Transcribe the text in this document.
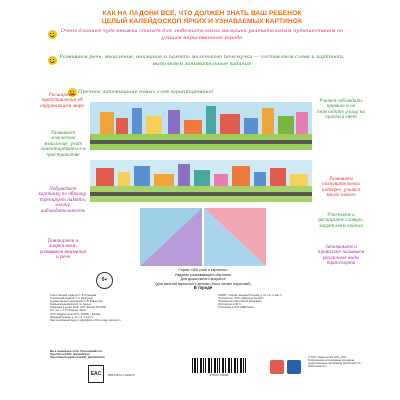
КАК НА ЛАДОНИ ВСЁ, ЧТО ДОЛЖЕН ЗНАТЬ ВАШ РЕБЁНОК
ЦЕЛЫЙ КАЛЕЙДОСКОП ЯРКИХ И УЗНАВАЕМЫХ КАРТИНОК
Очень длинная чудо-книжка станет для любознательных малышей увлекательным путешествием по улицам нарисованного города
Развиваем речь, мышление, внимание и память маленького почемучки — составляем слова и картинки, выполняем занимательные задания
Прочное запоминание новых слов гарантировано!
Расширяет представление об окружающем мире
Развивает логическое мышление, учит ориентироваться в пространстве
Побуждает картинку по образцу, тренирует память, логику, наблюдательность
Повторяем и закрепляем, развиваем внимание и речь
Учимся соблюдать правила и не переходить улицу на красный свет
Развиваем познавательный интерес, учимся много нового
Уточняем и расширяем словарь, закрепляем знания
Запоминаем и правильно называем различные виды транспорта
0+
Серия «365 слов и картинок»
Издание развивающего обучения
Для дошкольного возраста
(для занятий взрослых с детьми (текст читает взрослый)
В городе
Ответственный редактор О. В. Кузнецова
Технический редактор Т. Л. Кирпичная
Художественное оформление Л. В. Вайнштейн
Компьютерная вёрстка М. Е. Андрея
Подписано в печать 20.02. 2017. Формат 80х100/8
Усл. печ. л. 1,8 Тираж экз. Заказ
ООО «Издательство АСТ». 129085, г. Москва,
Звёздный бульвар, д. 21, стр. 3, ком. 5
Наш электронный адрес: malysh@ast.ru Home page: www.ast.ru
129085, г. Москва, Звёздный бульвар, д. 21, стр. 3, ком. 5
Изготовитель: ООО «Издательство АСТ»
Произведено в Российской Федерации
Изготовлено в 2017 г.
Отпечатано в ООО «РДВ Принт»
Мы в социальных сетях. Присоединяйтесь!
https://vk.com/AST_planetadetstva
https://www.instagram.com/AST_planetadetstva
EAC	ISBN 978-5-17-101844-5	9 785171 018445
© ООО «Издательство АСТ», 2017
В оформлении использованы материалы, предоставленные фотобанком Shutterstock, Inc., Shutterstock.com
